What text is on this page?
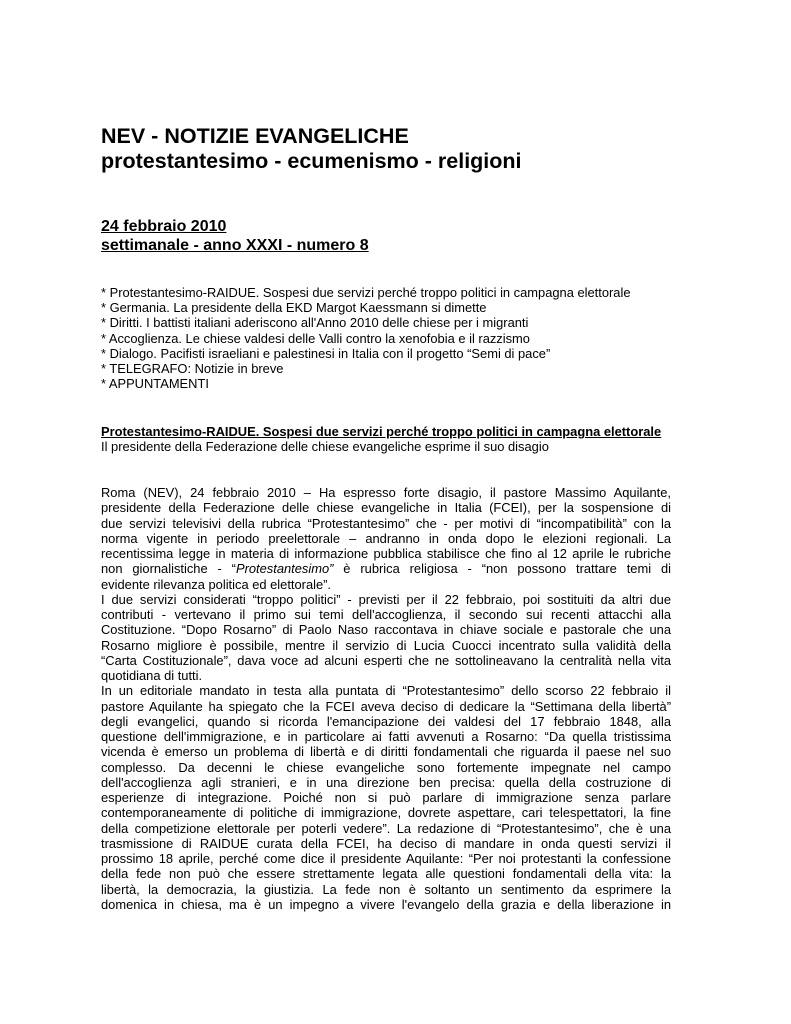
NEV - NOTIZIE EVANGELICHE
protestantesimo - ecumenismo - religioni
24 febbraio 2010
settimanale - anno XXXI - numero 8
* Protestantesimo-RAIDUE. Sospesi due servizi perché troppo politici in campagna elettorale
* Germania. La presidente della EKD Margot Kaessmann si dimette
* Diritti. I battisti italiani aderiscono all'Anno 2010 delle chiese per i migranti
* Accoglienza. Le chiese valdesi delle Valli contro la xenofobia e il razzismo
* Dialogo. Pacifisti israeliani e palestinesi in Italia con il progetto “Semi di pace”
* TELEGRAFO: Notizie in breve
* APPUNTAMENTI
Protestantesimo-RAIDUE. Sospesi due servizi perché troppo politici in campagna elettorale
Il presidente della Federazione delle chiese evangeliche esprime il suo disagio
Roma (NEV), 24 febbraio 2010 – Ha espresso forte disagio, il pastore Massimo Aquilante,
presidente della Federazione delle chiese evangeliche in Italia (FCEI), per la sospensione di
due servizi televisivi della rubrica “Protestantesimo” che - per motivi di “incompatibilità” con la
norma vigente in periodo preelettorale – andranno in onda dopo le elezioni regionali. La
recentissima legge in materia di informazione pubblica stabilisce che fino al 12 aprile le rubriche
non giornalistiche - “Protestantesimo” è rubrica religiosa - “non possono trattare temi di
evidente rilevanza politica ed elettorale”.
I due servizi considerati “troppo politici” - previsti per il 22 febbraio, poi sostituiti da altri due
contributi - vertevano il primo sui temi dell'accoglienza, il secondo sui recenti attacchi alla
Costituzione. “Dopo Rosarno” di Paolo Naso raccontava in chiave sociale e pastorale che una
Rosarno migliore è possibile, mentre il servizio di Lucia Cuocci incentrato sulla validità della
“Carta Costituzionale”, dava voce ad alcuni esperti che ne sottolineavano la centralità nella vita
quotidiana di tutti.
In un editoriale mandato in testa alla puntata di “Protestantesimo” dello scorso 22 febbraio il
pastore Aquilante ha spiegato che la FCEI aveva deciso di dedicare la “Settimana della libertà”
degli evangelici, quando si ricorda l'emancipazione dei valdesi del 17 febbraio 1848, alla
questione dell'immigrazione, e in particolare ai fatti avvenuti a Rosarno: “Da quella tristissima
vicenda è emerso un problema di libertà e di diritti fondamentali che riguarda il paese nel suo
complesso. Da decenni le chiese evangeliche sono fortemente impegnate nel campo
dell'accoglienza agli stranieri, e in una direzione ben precisa: quella della costruzione di
esperienze di integrazione. Poiché non si può parlare di immigrazione senza parlare
contemporaneamente di politiche di immigrazione, dovrete aspettare, cari telespettatori, la fine
della competizione elettorale per poterli vedere”. La redazione di “Protestantesimo”, che è una
trasmissione di RAIDUE curata della FCEI, ha deciso di mandare in onda questi servizi il
prossimo 18 aprile, perché come dice il presidente Aquilante: “Per noi protestanti la confessione
della fede non può che essere strettamente legata alle questioni fondamentali della vita: la
libertà, la democrazia, la giustizia. La fede non è soltanto un sentimento da esprimere la
domenica in chiesa, ma è un impegno a vivere l'evangelo della grazia e della liberazione in
